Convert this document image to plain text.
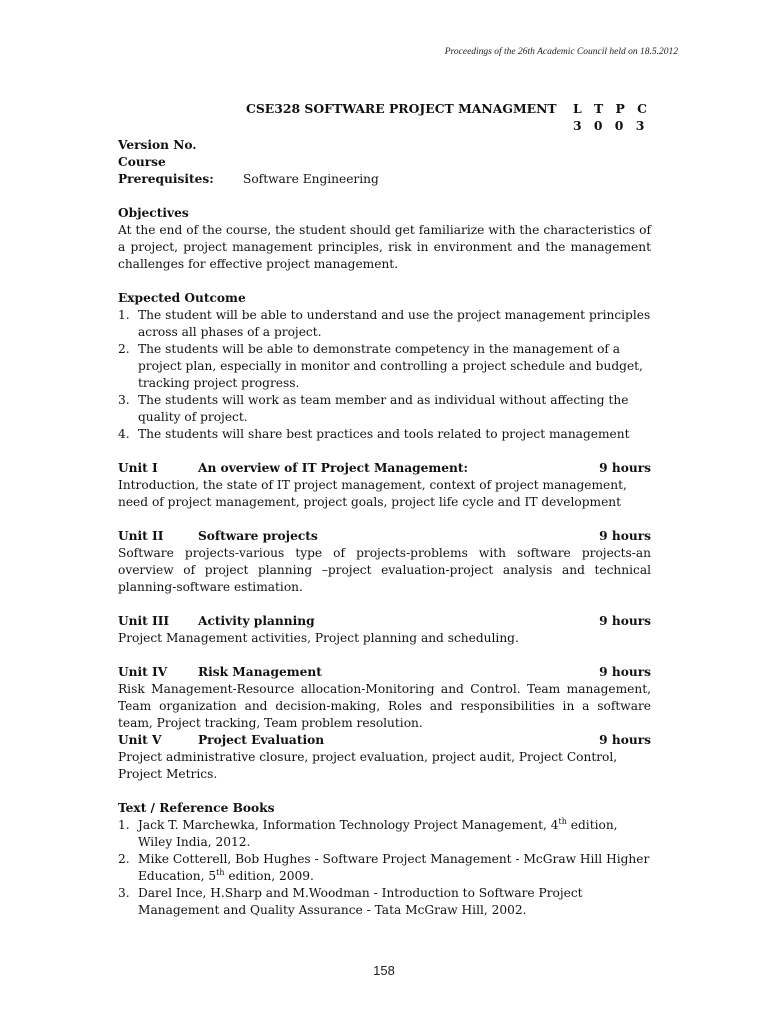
Proceedings of the 26th Academic Council held on 18.5.2012
CSE328 SOFTWARE PROJECT MANAGMENT L T P C
3 0 0 3
Version No.
Course
Prerequisites:	Software Engineering
Objectives
At the end of the course, the student should get familiarize with the characteristics of a project, project management principles, risk in environment and the management challenges for effective project management.
Expected Outcome
1. The student will be able to understand and use the project management principles across all phases of a project.
2. The students will be able to demonstrate competency in the management of a project plan, especially in monitor and controlling a project schedule and budget, tracking project progress.
3. The students will work as team member and as individual without affecting the quality of project.
4. The students will share best practices and tools related to project management
Unit I	An overview of IT Project Management:	9 hours
Introduction, the state of IT project management, context of project management, need of project management, project goals, project life cycle and IT development
Unit II	Software projects	9 hours
Software projects-various type of projects-problems with software projects-an overview of project planning –project evaluation-project analysis and technical planning-software estimation.
Unit III	Activity planning	9 hours
Project Management activities, Project planning and scheduling.
Unit IV	Risk Management	9 hours
Risk Management-Resource allocation-Monitoring and Control. Team management, Team organization and decision-making, Roles and responsibilities in a software team, Project tracking, Team problem resolution.
Unit V	Project Evaluation	9 hours
Project administrative closure, project evaluation, project audit, Project Control, Project Metrics.
Text / Reference Books
1. Jack T. Marchewka, Information Technology Project Management, 4th edition, Wiley India, 2012.
2. Mike Cotterell, Bob Hughes - Software Project Management - McGraw Hill Higher Education, 5th edition, 2009.
3. Darel Ince, H.Sharp and M.Woodman - Introduction to Software Project Management and Quality Assurance - Tata McGraw Hill, 2002.
158
